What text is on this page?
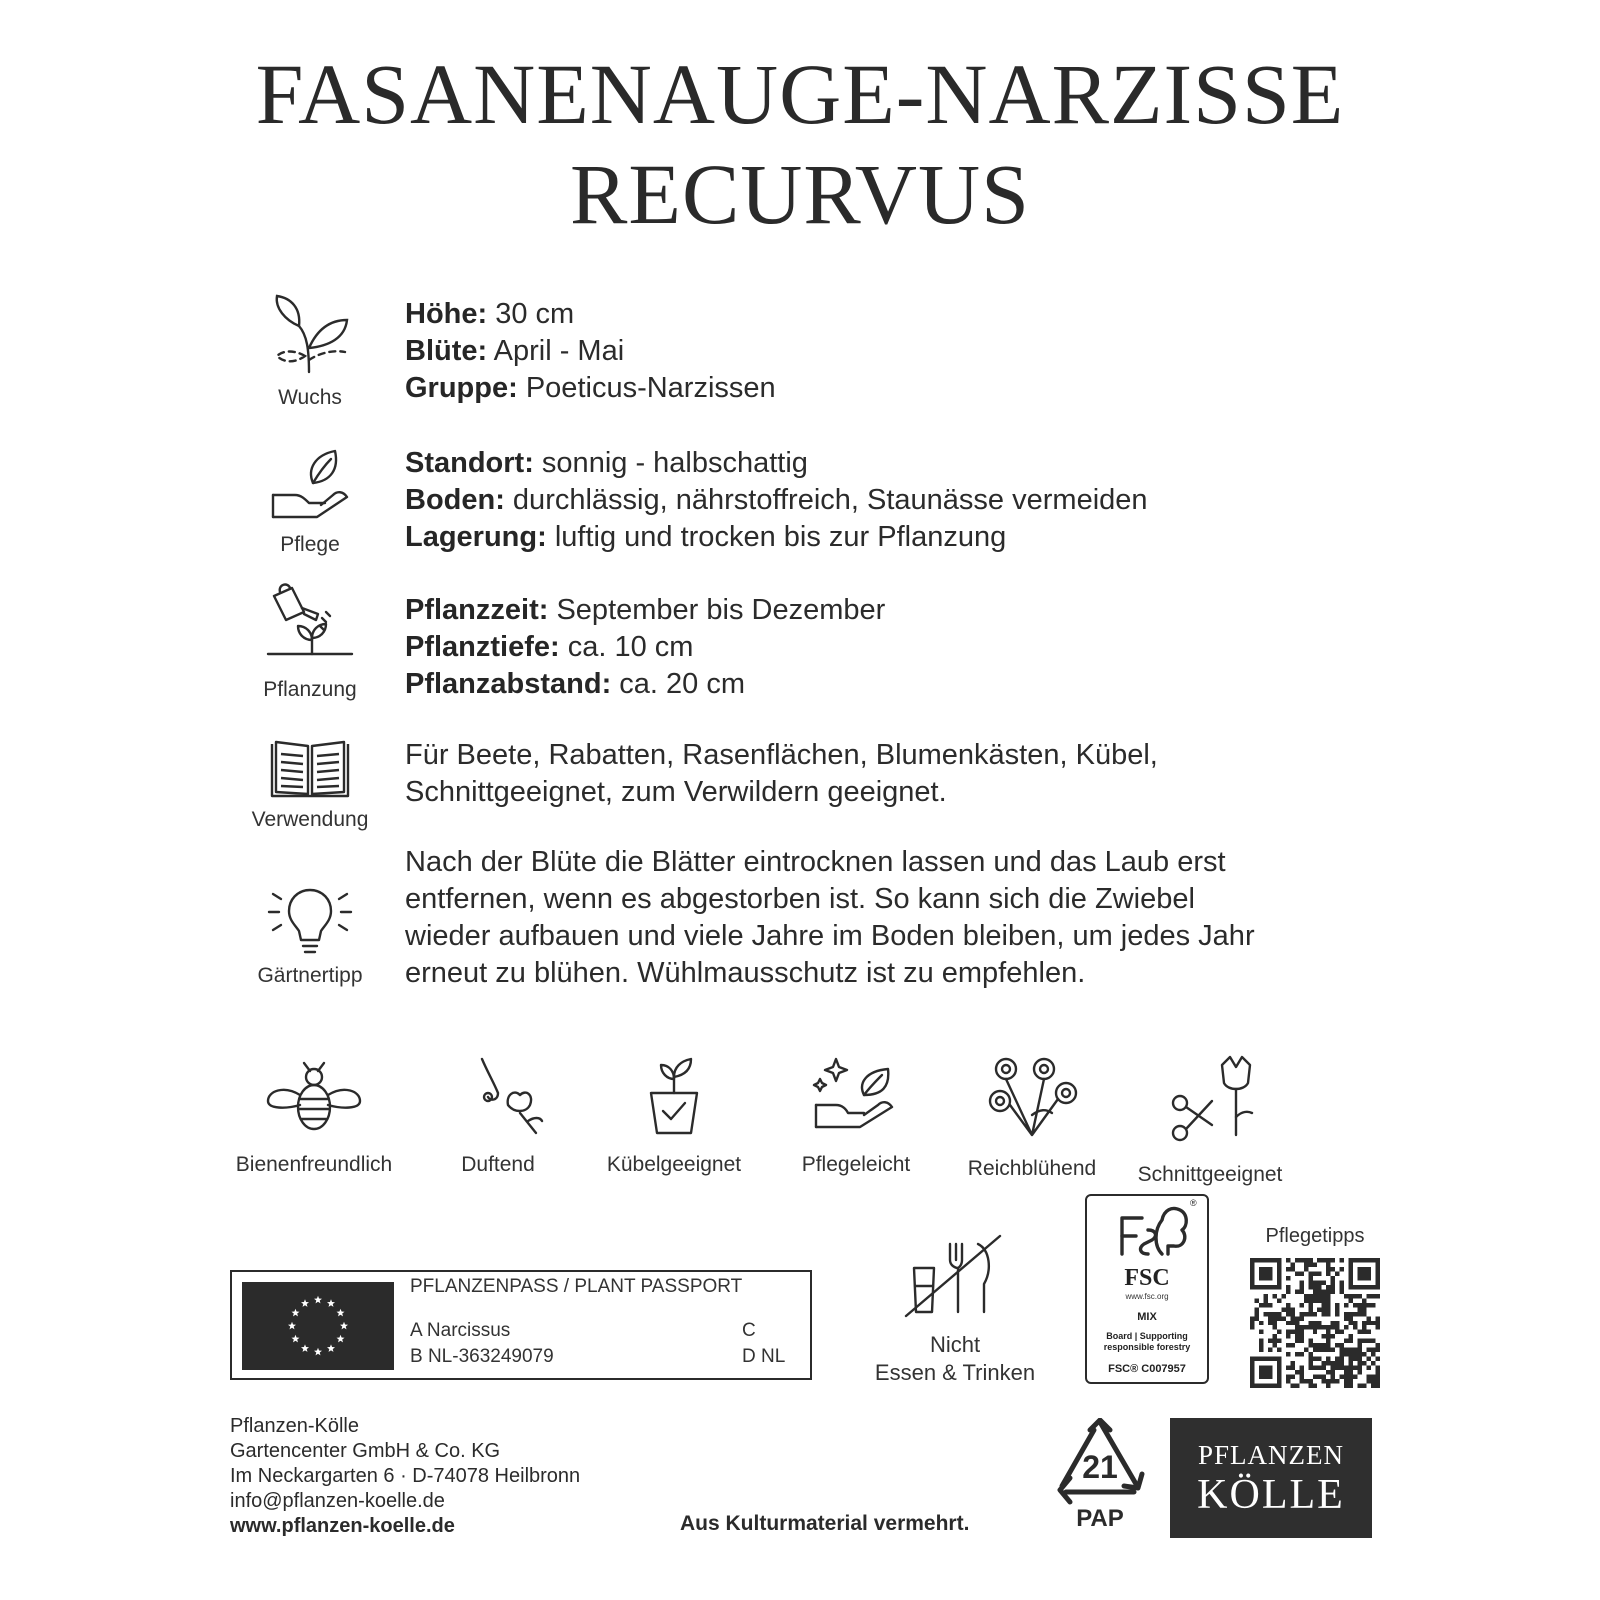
FASANENAUGE-NARZISSE
RECURVUS
Wuchs
Höhe: 30 cm
Blüte: April - Mai
Gruppe: Poeticus-Narzissen
Pflege
Standort: sonnig - halbschattig
Boden: durchlässig, nährstoffreich, Staunässe vermeiden
Lagerung: luftig und trocken bis zur Pflanzung
Pflanzung
Pflanzzeit: September bis Dezember
Pflanztiefe: ca. 10 cm
Pflanzabstand: ca. 20 cm
Verwendung
Für Beete, Rabatten, Rasenflächen, Blumenkästen, Kübel,
Schnittgeeignet, zum Verwildern geeignet.
Gärtnertipp
Nach der Blüte die Blätter eintrocknen lassen und das Laub erst
entfernen, wenn es abgestorben ist. So kann sich die Zwiebel
wieder aufbauen und viele Jahre im Boden bleiben, um jedes Jahr
erneut zu blühen. Wühlmausschutz ist zu empfehlen.
Bienenfreundlich	Duftend	Kübelgeeignet	Pflegeleicht	Reichblühend	Schnittgeeignet
PFLANZENPASS / PLANT PASSPORT
A Narcissus
B NL-363249079
C
D NL	Nicht
Essen & Trinken
®
FSC
www.fsc.org
MIX
Board | Supporting
responsible forestry
FSC® C007957
Pflegetipps
Pflanzen-Kölle
Gartencenter GmbH & Co. KG
Im Neckargarten 6 · D-74078 Heilbronn
info@pflanzen-koelle.de
www.pflanzen-koelle.de	Aus Kulturmaterial vermehrt.
21
PAP
PFLANZEN
KÖLLE
